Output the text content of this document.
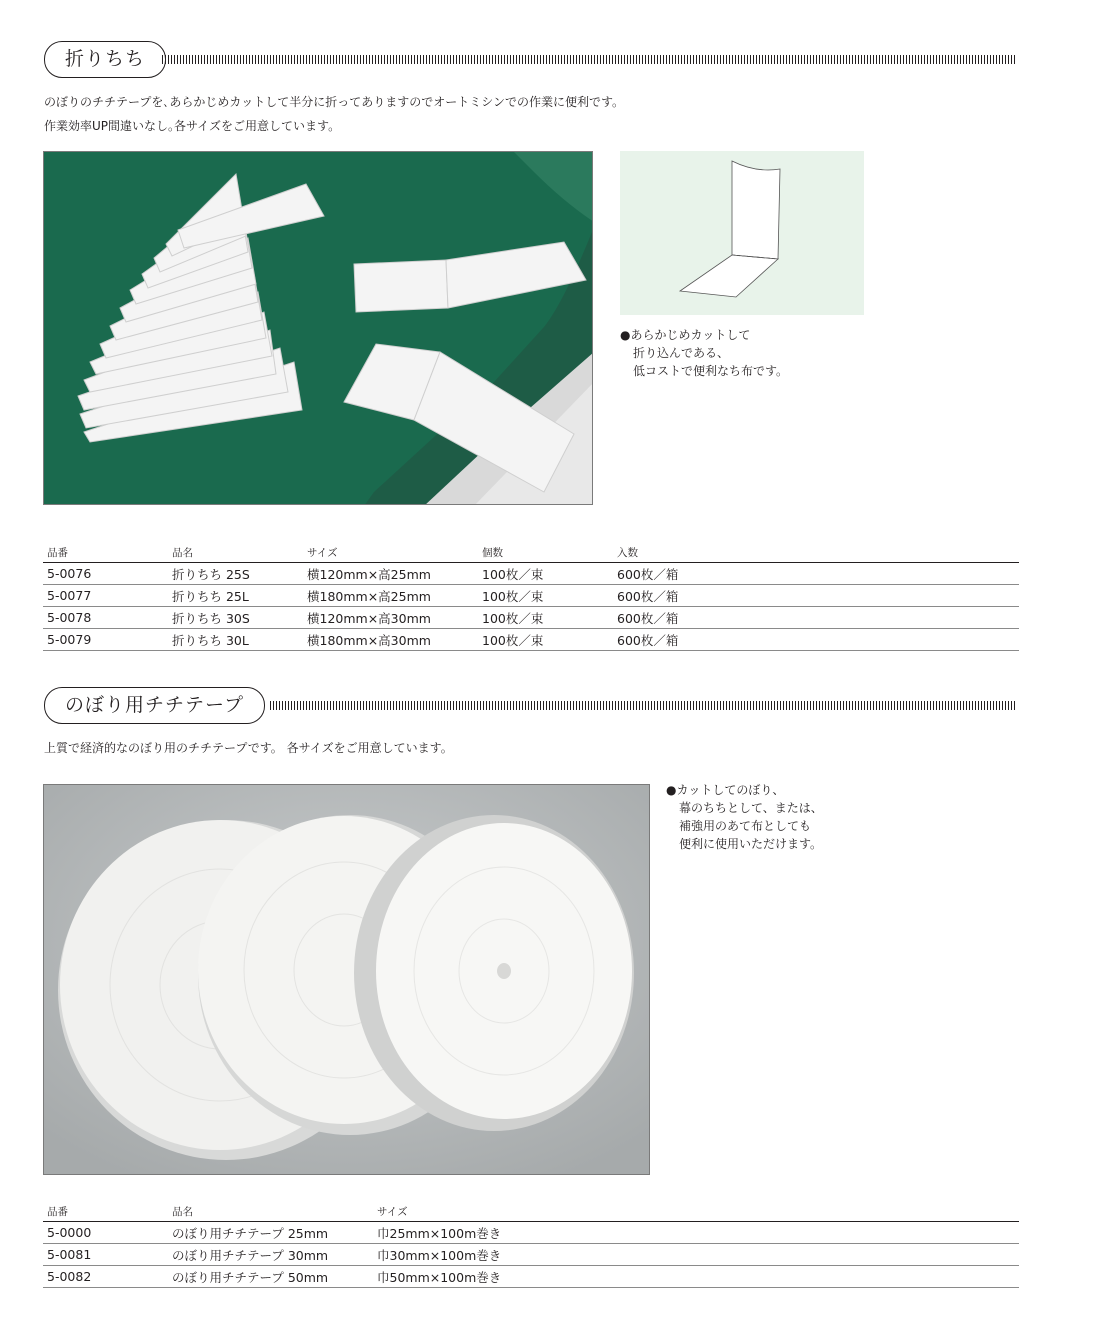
折りちち
のぼりのチチテープを､あらかじめカットして半分に折ってありますのでオートミシンでの作業に便利です。
作業効率UP間違いなし｡各サイズをご用意しています。
●あらかじめカットして
折り込んである、
低コストで便利なち布です。
品番	品名	サイズ	個数	入数
5-0076	折りちち 25S	横120mm×高25mm	100枚／束	600枚／箱
5-0077	折りちち 25L	横180mm×高25mm	100枚／束	600枚／箱
5-0078	折りちち 30S	横120mm×高30mm	100枚／束	600枚／箱
5-0079	折りちち 30L	横180mm×高30mm	100枚／束	600枚／箱
のぼり用チチテープ
上質で経済的なのぼり用のチチテープです。 各サイズをご用意しています。
●カットしてのぼり、
幕のちちとして、または、
補強用のあて布としても
便利に使用いただけます。
品番	品名	サイズ
5-0000	のぼり用チチテープ 25mm	巾25mm×100m巻き
5-0081	のぼり用チチテープ 30mm	巾30mm×100m巻き
5-0082	のぼり用チチテープ 50mm	巾50mm×100m巻き
